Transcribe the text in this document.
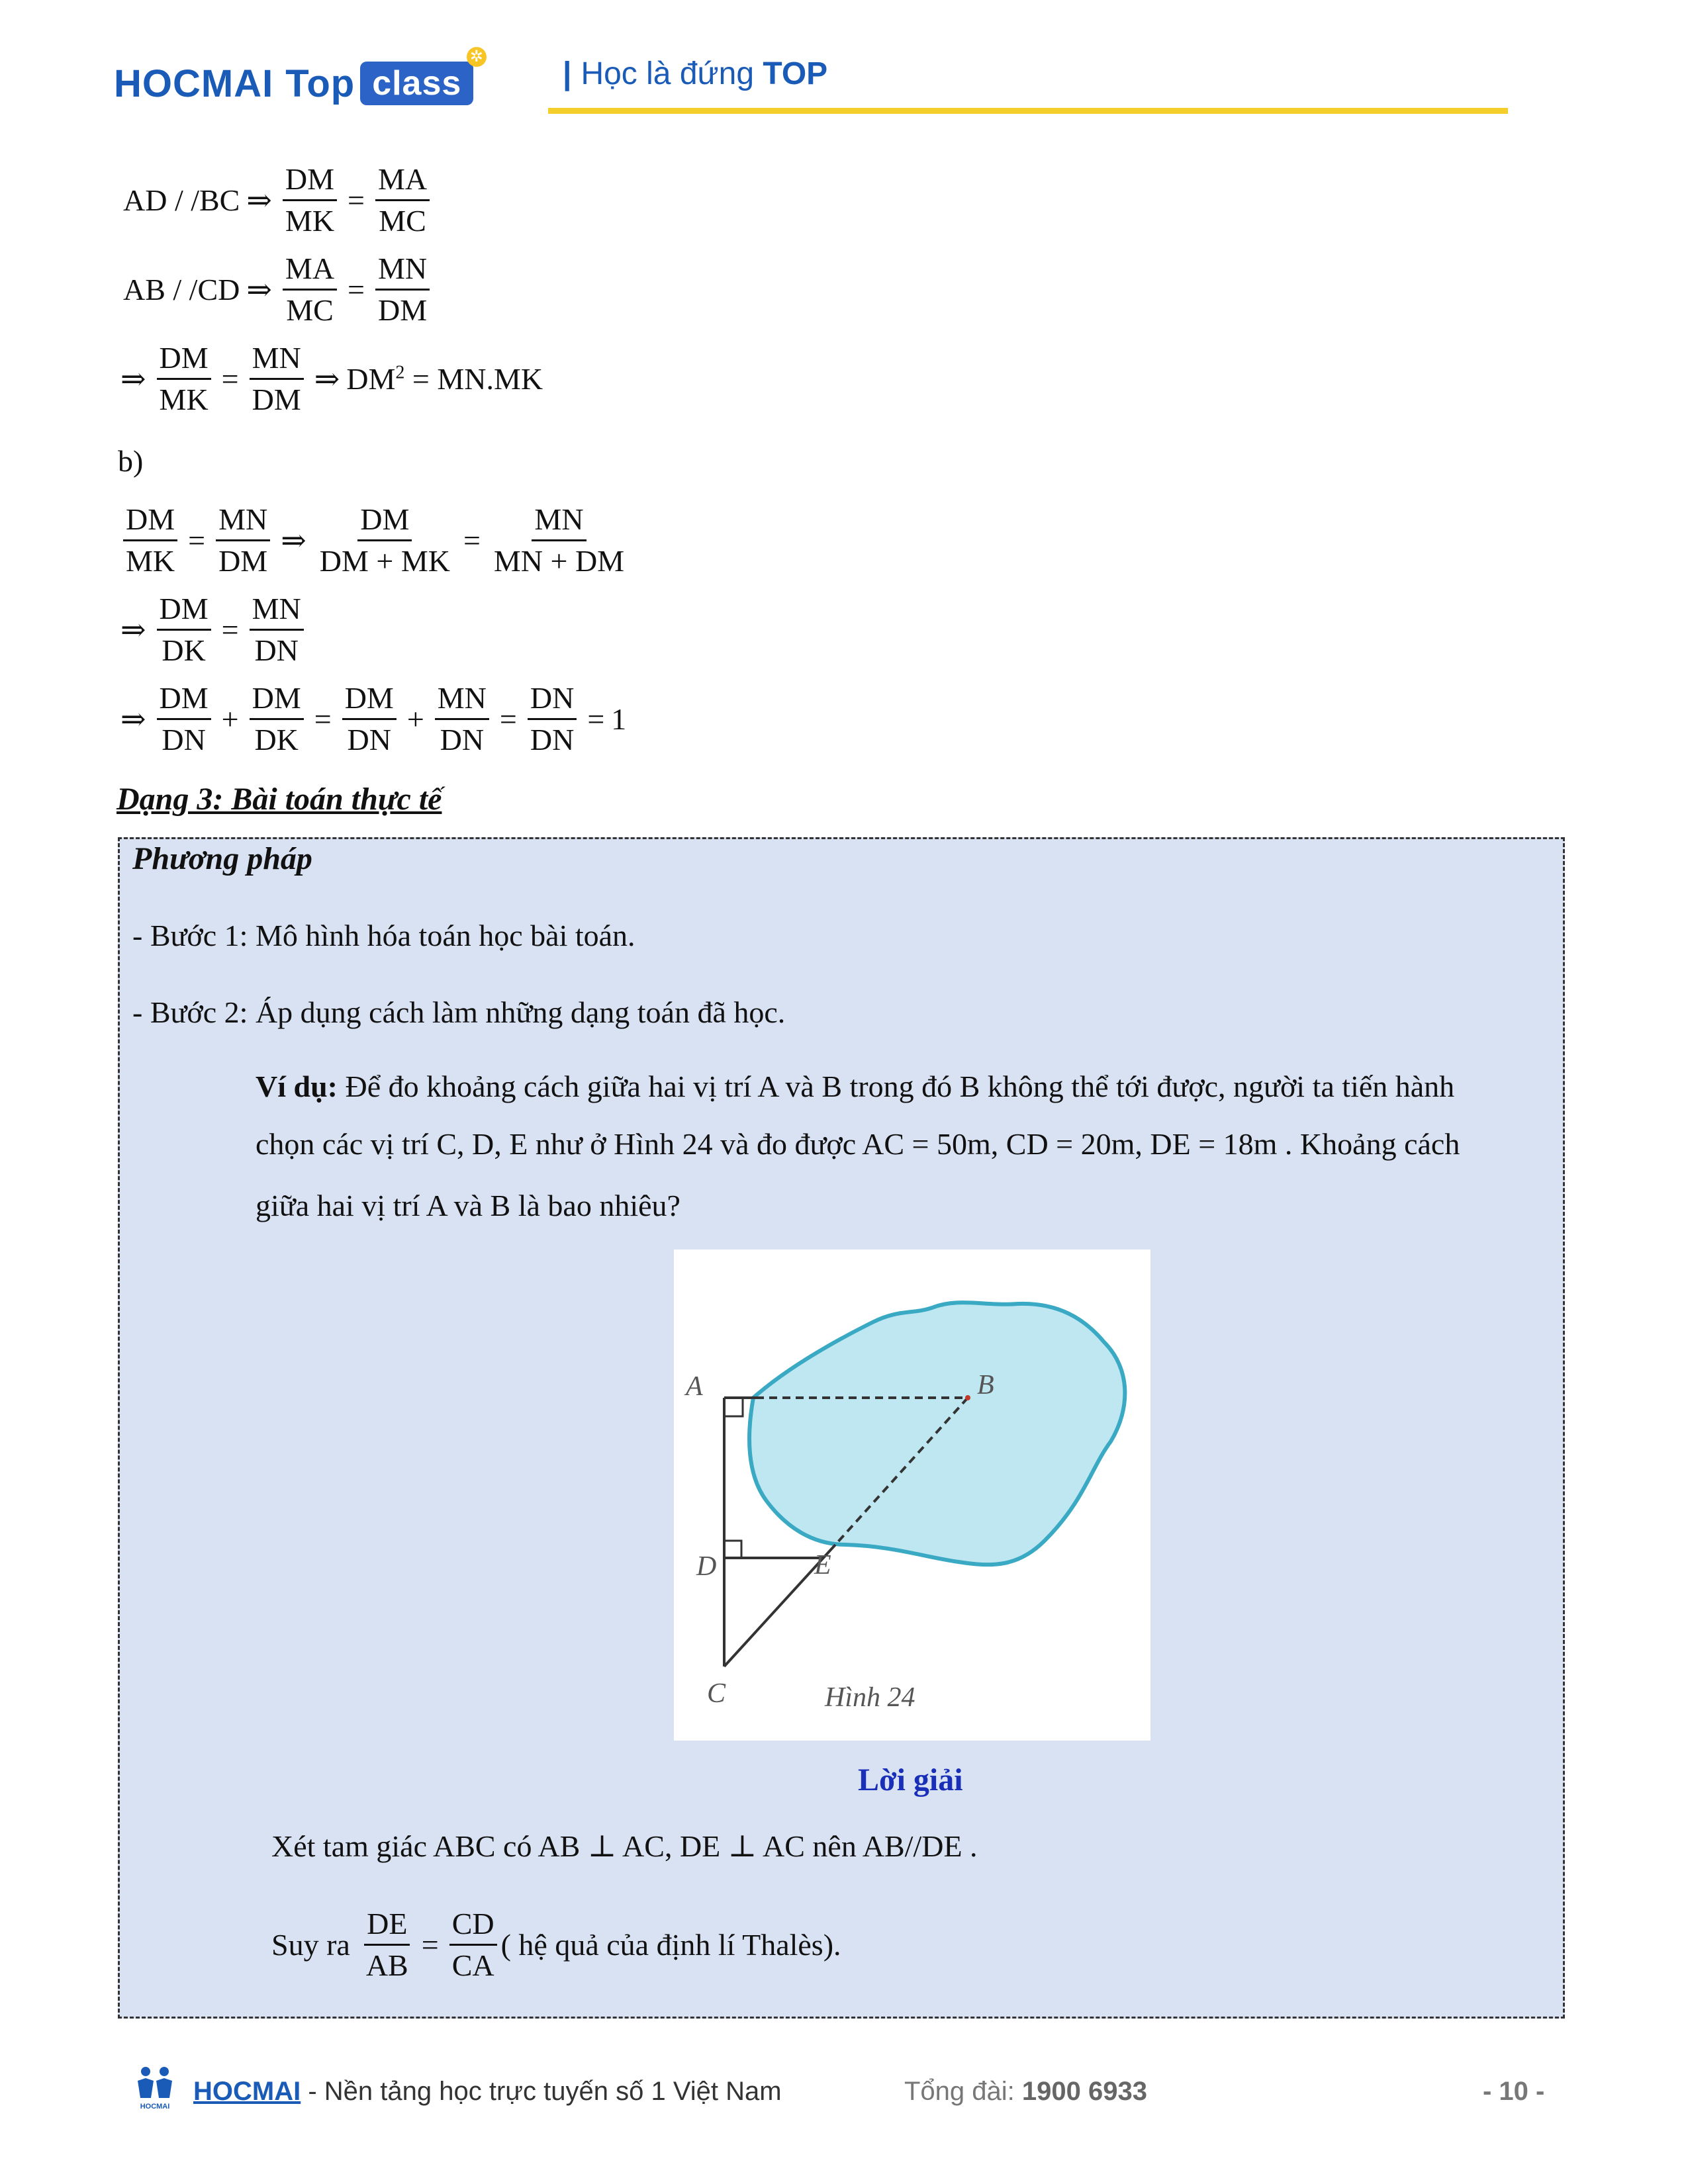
HOCMAI Top class
✲ | Học là đứng TOP
AD / /BC ⇒ $\frac{DM}{MK} = \frac{MA}{MC}$
AB / /CD ⇒ $\frac{MA}{MC} = \frac{MN}{DM}$
⇒ $\frac{DM}{MK} = \frac{MN}{DM}$ ⇒ $DM^2 = MN.MK$
b)
$\frac{DM}{MK} = \frac{MN}{DM}$ ⇒ $\frac{DM}{DM + MK} = \frac{MN}{MN + DM}$
⇒ $\frac{DM}{DK} = \frac{MN}{DN}$
⇒ $\frac{DM}{DN} + \frac{DM}{DK} = \frac{DM}{DN} + \frac{MN}{DN} = \frac{DN}{DN} = 1$
Dạng 3: Bài toán thực tế
Phương pháp
- Bước 1: Mô hình hóa toán học bài toán.
- Bước 2: Áp dụng cách làm những dạng toán đã học.
Ví dụ: Để đo khoảng cách giữa hai vị trí A và B trong đó B không thể tới được, người ta tiến hành
chọn các vị trí C, D, E như ở Hình 24 và đo được AC = 50m, CD = 20m, DE = 18m . Khoảng cách
giữa hai vị trí A và B là bao nhiêu?
A	B
D	E
C	Hình 24
Lời giải
Xét tam giác ABC có AB ⊥ AC, DE ⊥ AC nên AB//DE .
Suy ra $\frac{DE}{AB} = \frac{CD}{CA}$ ( hệ quả của định lí Thalès).
HOCMAI
HOCMAI - Nền tảng học trực tuyến số 1 Việt Nam	Tổng đài: 1900 6933	- 10 -
